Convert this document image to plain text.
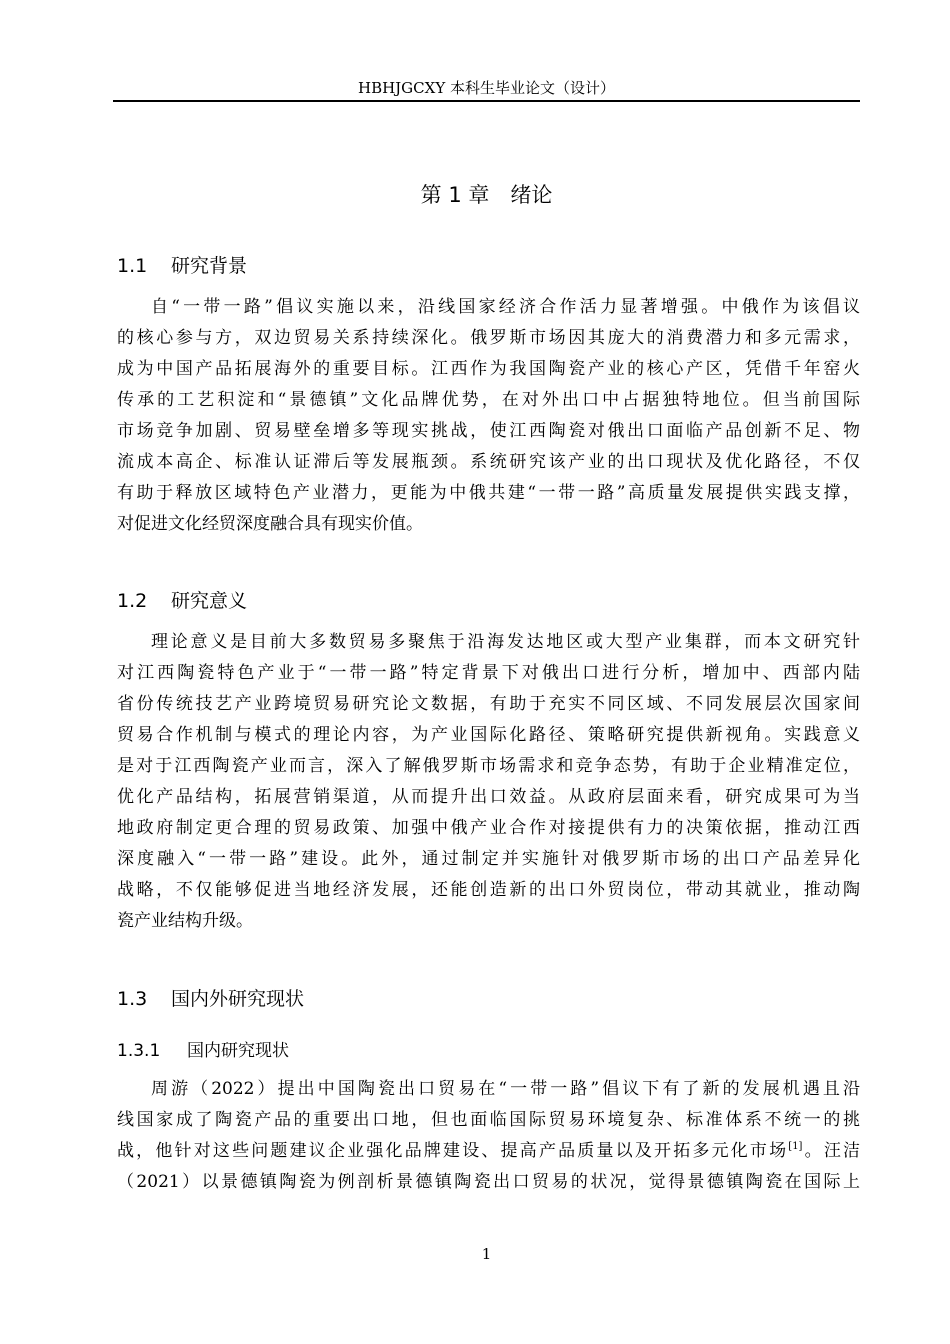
HBHJGCXY 本科生毕业论文（设计）
第 1 章　绪论
1.1 研究背景
自“一带一路”倡议实施以来，沿线国家经济合作活力显著增强。中俄作为该倡议
的核心参与方，双边贸易关系持续深化。俄罗斯市场因其庞大的消费潜力和多元需求，
成为中国产品拓展海外的重要目标。江西作为我国陶瓷产业的核心产区，凭借千年窑火
传承的工艺积淀和“景德镇”文化品牌优势，在对外出口中占据独特地位。但当前国际
市场竞争加剧、贸易壁垒增多等现实挑战，使江西陶瓷对俄出口面临产品创新不足、物
流成本高企、标准认证滞后等发展瓶颈。系统研究该产业的出口现状及优化路径，不仅
有助于释放区域特色产业潜力，更能为中俄共建“一带一路”高质量发展提供实践支撑，
对促进文化经贸深度融合具有现实价值。
1.2 研究意义
理论意义是目前大多数贸易多聚焦于沿海发达地区或大型产业集群，而本文研究针
对江西陶瓷特色产业于“一带一路”特定背景下对俄出口进行分析，增加中、西部内陆
省份传统技艺产业跨境贸易研究论文数据，有助于充实不同区域、不同发展层次国家间
贸易合作机制与模式的理论内容，为产业国际化路径、策略研究提供新视角。实践意义
是对于江西陶瓷产业而言，深入了解俄罗斯市场需求和竞争态势，有助于企业精准定位，
优化产品结构，拓展营销渠道，从而提升出口效益。从政府层面来看，研究成果可为当
地政府制定更合理的贸易政策、加强中俄产业合作对接提供有力的决策依据，推动江西
深度融入“一带一路”建设。此外，通过制定并实施针对俄罗斯市场的出口产品差异化
战略，不仅能够促进当地经济发展，还能创造新的出口外贸岗位，带动其就业，推动陶
瓷产业结构升级。
1.3 国内外研究现状
1.3.1 国内研究现状
周游（2022）提出中国陶瓷出口贸易在“一带一路”倡议下有了新的发展机遇且沿
线国家成了陶瓷产品的重要出口地，但也面临国际贸易环境复杂、标准体系不统一的挑
战，他针对这些问题建议企业强化品牌建设、提高产品质量以及开拓多元化市场[1]。汪洁
（2021）以景德镇陶瓷为例剖析景德镇陶瓷出口贸易的状况，觉得景德镇陶瓷在国际上
1
